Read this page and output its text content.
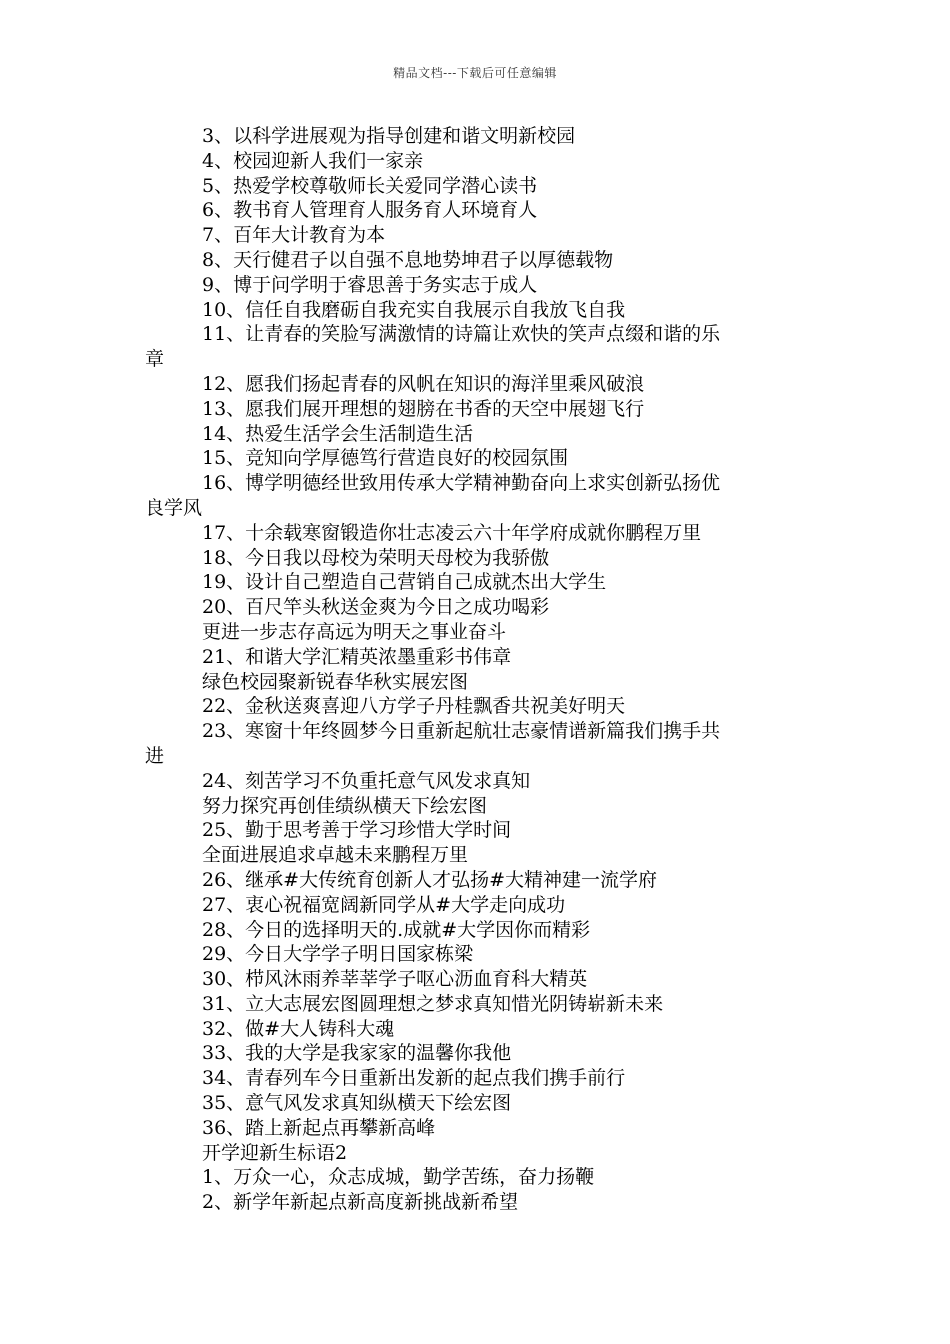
精品文档---下载后可任意编辑
3、以科学进展观为指导创建和谐文明新校园
4、校园迎新人我们一家亲
5、热爱学校尊敬师长关爱同学潜心读书
6、教书育人管理育人服务育人环境育人
7、百年大计教育为本
8、天行健君子以自强不息地势坤君子以厚德载物
9、博于问学明于睿思善于务实志于成人
10、信任自我磨砺自我充实自我展示自我放飞自我
11、让青春的笑脸写满激情的诗篇让欢快的笑声点缀和谐的乐
章
12、愿我们扬起青春的风帆在知识的海洋里乘风破浪
13、愿我们展开理想的翅膀在书香的天空中展翅飞行
14、热爱生活学会生活制造生活
15、竞知向学厚德笃行营造良好的校园氛围
16、博学明德经世致用传承大学精神勤奋向上求实创新弘扬优
良学风
17、十余载寒窗锻造你壮志凌云六十年学府成就你鹏程万里
18、今日我以母校为荣明天母校为我骄傲
19、设计自己塑造自己营销自己成就杰出大学生
20、百尺竿头秋送金爽为今日之成功喝彩
更进一步志存高远为明天之事业奋斗
21、和谐大学汇精英浓墨重彩书伟章
绿色校园聚新锐春华秋实展宏图
22、金秋送爽喜迎八方学子丹桂飘香共祝美好明天
23、寒窗十年终圆梦今日重新起航壮志豪情谱新篇我们携手共
进
24、刻苦学习不负重托意气风发求真知
努力探究再创佳绩纵横天下绘宏图
25、勤于思考善于学习珍惜大学时间
全面进展追求卓越未来鹏程万里
26、继承#大传统育创新人才弘扬#大精神建一流学府
27、衷心祝福宽阔新同学从#大学走向成功
28、今日的选择明天的.成就#大学因你而精彩
29、今日大学学子明日国家栋梁
30、栉风沐雨养莘莘学子呕心沥血育科大精英
31、立大志展宏图圆理想之梦求真知惜光阴铸崭新未来
32、做#大人铸科大魂
33、我的大学是我家家的温馨你我他
34、青春列车今日重新出发新的起点我们携手前行
35、意气风发求真知纵横天下绘宏图
36、踏上新起点再攀新高峰
开学迎新生标语2
1、万众一心，众志成城，勤学苦练，奋力扬鞭
2、新学年新起点新高度新挑战新希望
